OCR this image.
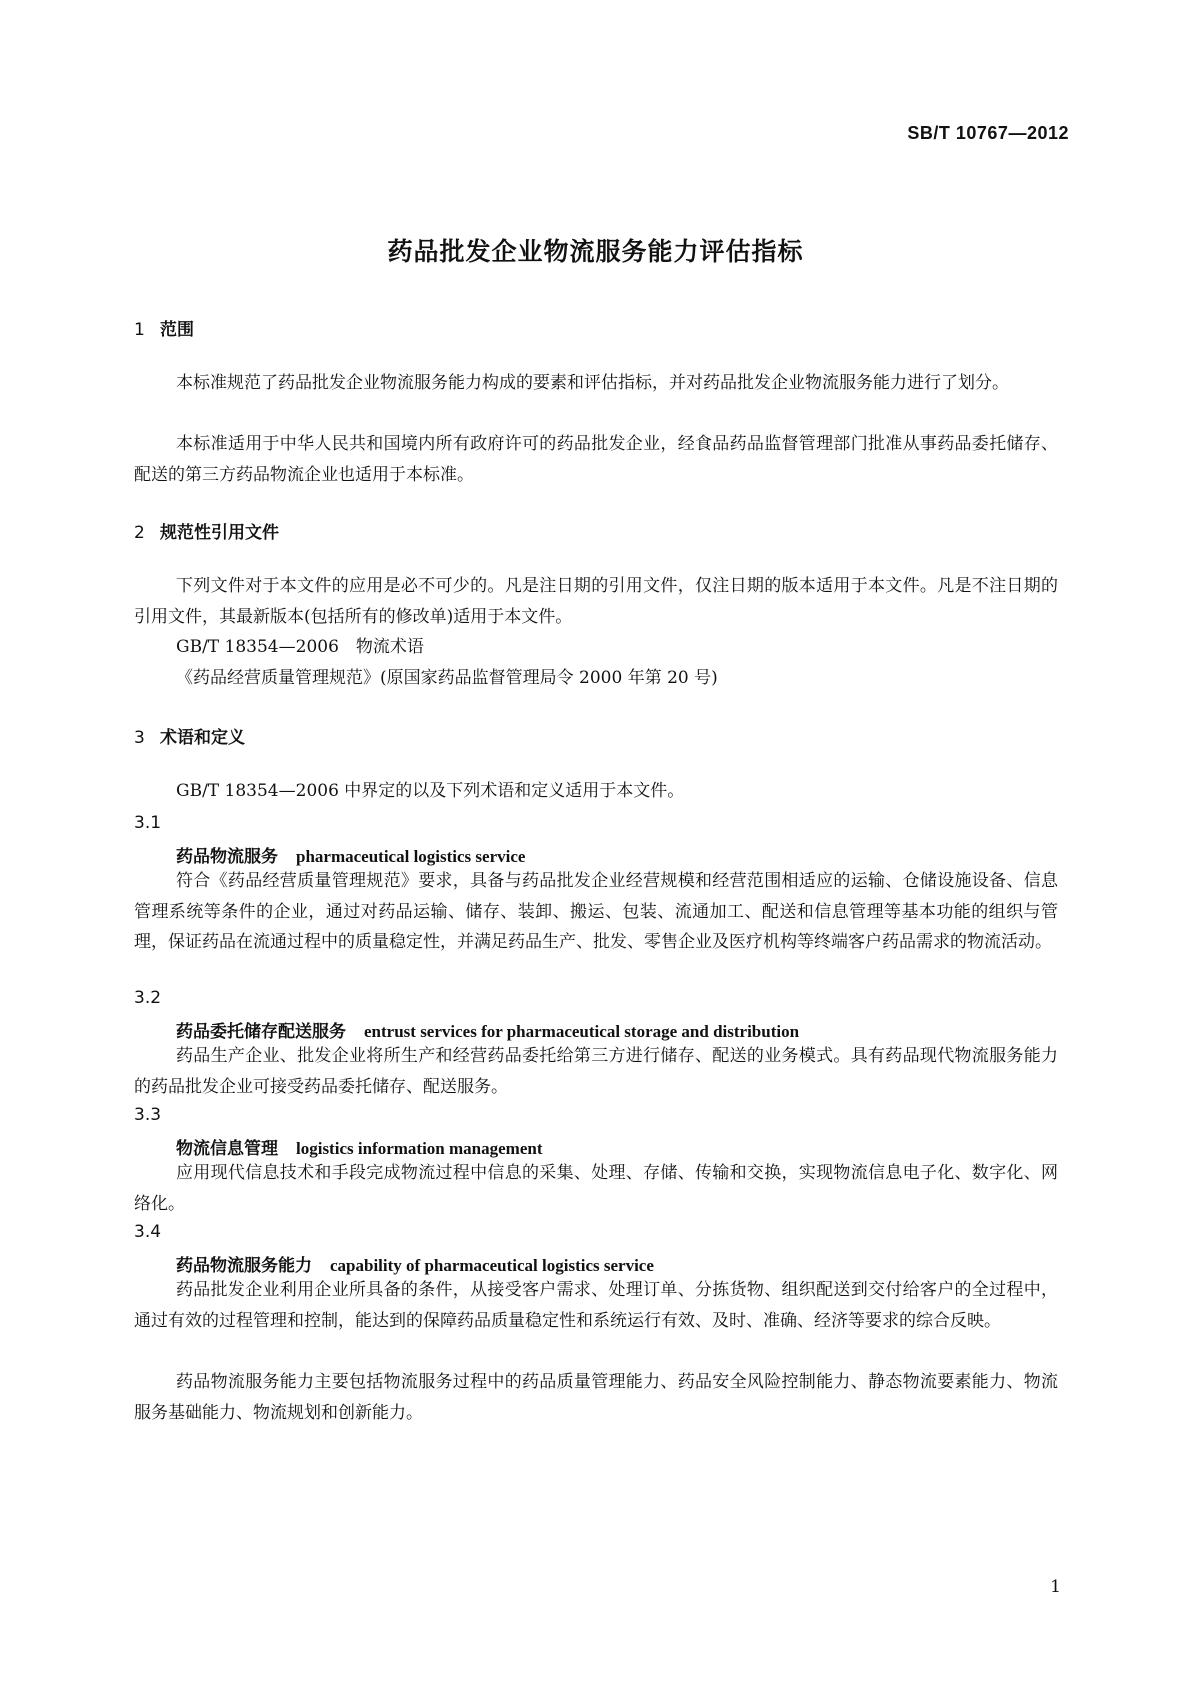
SB/T 10767—2012
药品批发企业物流服务能力评估指标
1 范围
本标准规范了药品批发企业物流服务能力构成的要素和评估指标，并对药品批发企业物流服务能力进行了划分。
本标准适用于中华人民共和国境内所有政府许可的药品批发企业，经食品药品监督管理部门批准从事药品委托储存、配送的第三方药品物流企业也适用于本标准。
2 规范性引用文件
下列文件对于本文件的应用是必不可少的。凡是注日期的引用文件，仅注日期的版本适用于本文件。凡是不注日期的引用文件，其最新版本(包括所有的修改单)适用于本文件。
GB/T 18354—2006　物流术语
《药品经营质量管理规范》(原国家药品监督管理局令 2000 年第 20 号)
3 术语和定义
GB/T 18354—2006 中界定的以及下列术语和定义适用于本文件。
3.1
药品物流服务 pharmaceutical logistics service
符合《药品经营质量管理规范》要求，具备与药品批发企业经营规模和经营范围相适应的运输、仓储设施设备、信息管理系统等条件的企业，通过对药品运输、储存、装卸、搬运、包装、流通加工、配送和信息管理等基本功能的组织与管理，保证药品在流通过程中的质量稳定性，并满足药品生产、批发、零售企业及医疗机构等终端客户药品需求的物流活动。
3.2
药品委托储存配送服务 entrust services for pharmaceutical storage and distribution
药品生产企业、批发企业将所生产和经营药品委托给第三方进行储存、配送的业务模式。具有药品现代物流服务能力的药品批发企业可接受药品委托储存、配送服务。
3.3
物流信息管理 logistics information management
应用现代信息技术和手段完成物流过程中信息的采集、处理、存储、传输和交换，实现物流信息电子化、数字化、网络化。
3.4
药品物流服务能力 capability of pharmaceutical logistics service
药品批发企业利用企业所具备的条件，从接受客户需求、处理订单、分拣货物、组织配送到交付给客户的全过程中，通过有效的过程管理和控制，能达到的保障药品质量稳定性和系统运行有效、及时、准确、经济等要求的综合反映。
药品物流服务能力主要包括物流服务过程中的药品质量管理能力、药品安全风险控制能力、静态物流要素能力、物流服务基础能力、物流规划和创新能力。
1
